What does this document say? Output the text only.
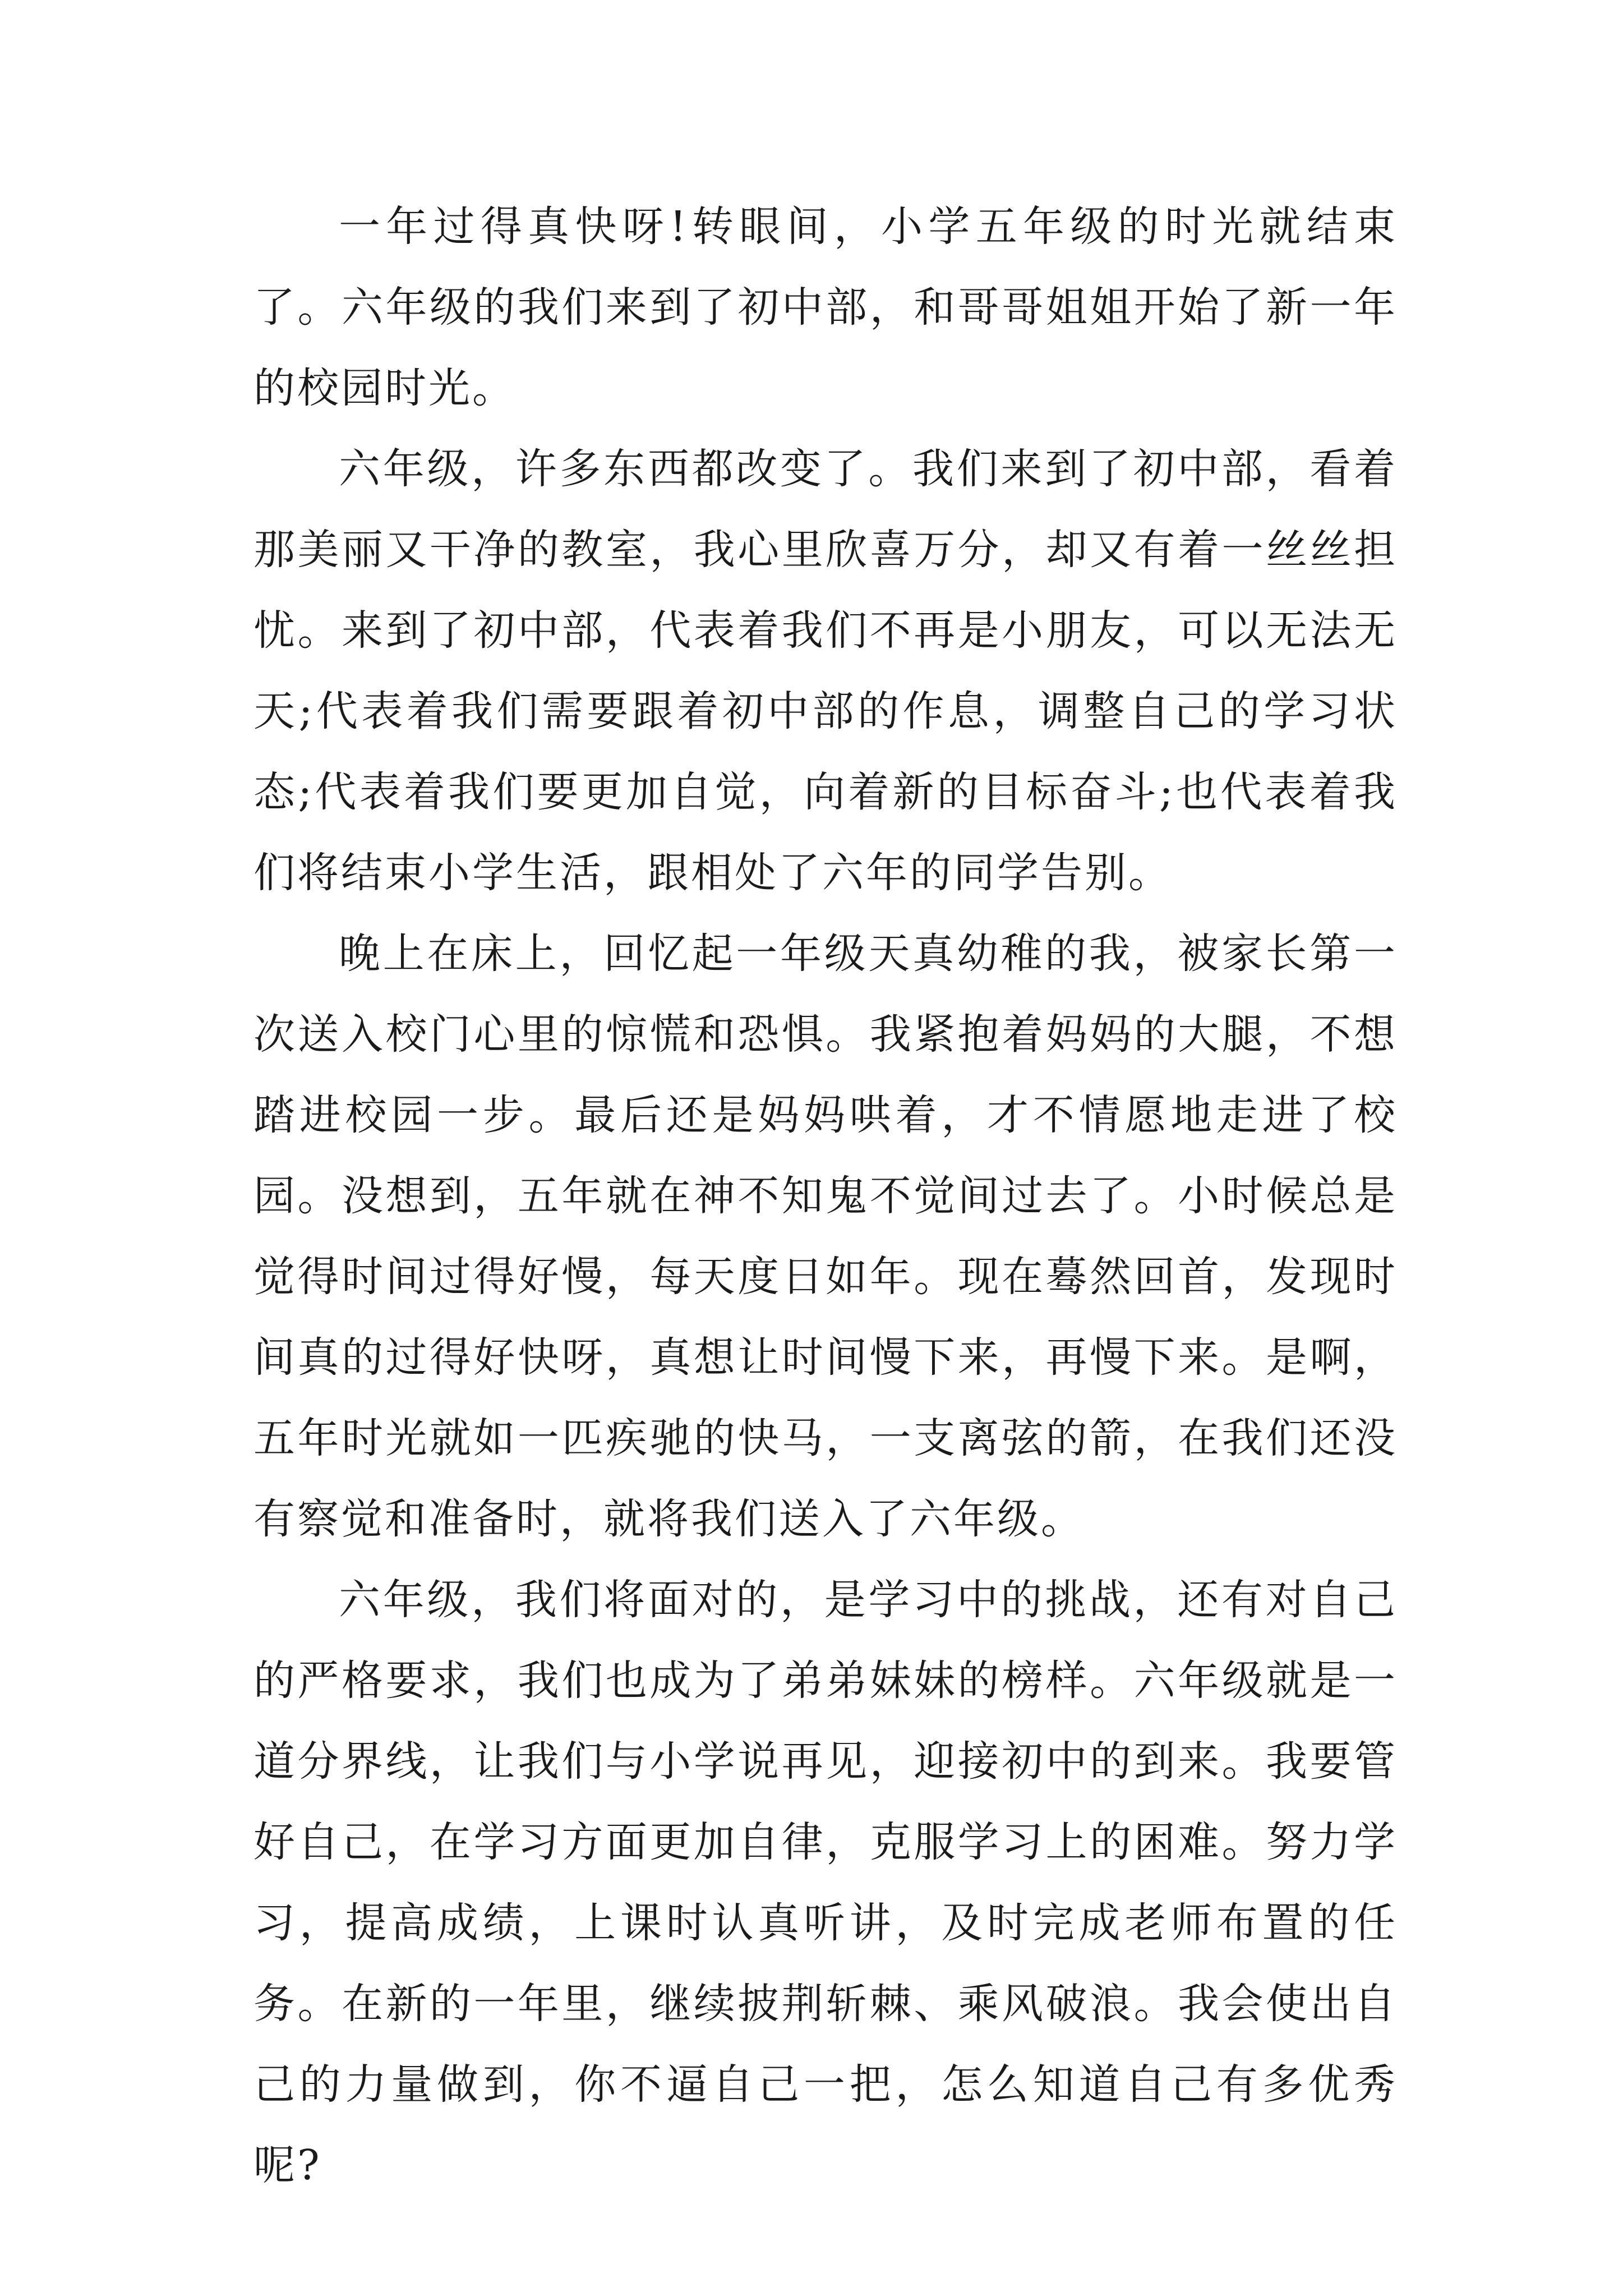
一年过得真快呀!转眼间，小学五年级的时光就结束了。六年级的我们来到了初中部，和哥哥姐姐开始了新一年的校园时光。

六年级，许多东西都改变了。我们来到了初中部，看着那美丽又干净的教室，我心里欣喜万分，却又有着一丝丝担忧。来到了初中部，代表着我们不再是小朋友，可以无法无天;代表着我们需要跟着初中部的作息，调整自己的学习状态;代表着我们要更加自觉，向着新的目标奋斗;也代表着我们将结束小学生活，跟相处了六年的同学告别。

晚上在床上，回忆起一年级天真幼稚的我，被家长第一次送入校门心里的惊慌和恐惧。我紧抱着妈妈的大腿，不想踏进校园一步。最后还是妈妈哄着，才不情愿地走进了校园。没想到，五年就在神不知鬼不觉间过去了。小时候总是觉得时间过得好慢，每天度日如年。现在蓦然回首，发现时间真的过得好快呀，真想让时间慢下来，再慢下来。是啊，五年时光就如一匹疾驰的快马，一支离弦的箭，在我们还没有察觉和准备时，就将我们送入了六年级。

六年级，我们将面对的，是学习中的挑战，还有对自己的严格要求，我们也成为了弟弟妹妹的榜样。六年级就是一道分界线，让我们与小学说再见，迎接初中的到来。我要管好自己，在学习方面更加自律，克服学习上的困难。努力学习，提高成绩，上课时认真听讲，及时完成老师布置的任务。在新的一年里，继续披荆斩棘、乘风破浪。我会使出自己的力量做到，你不逼自己一把，怎么知道自己有多优秀呢?
